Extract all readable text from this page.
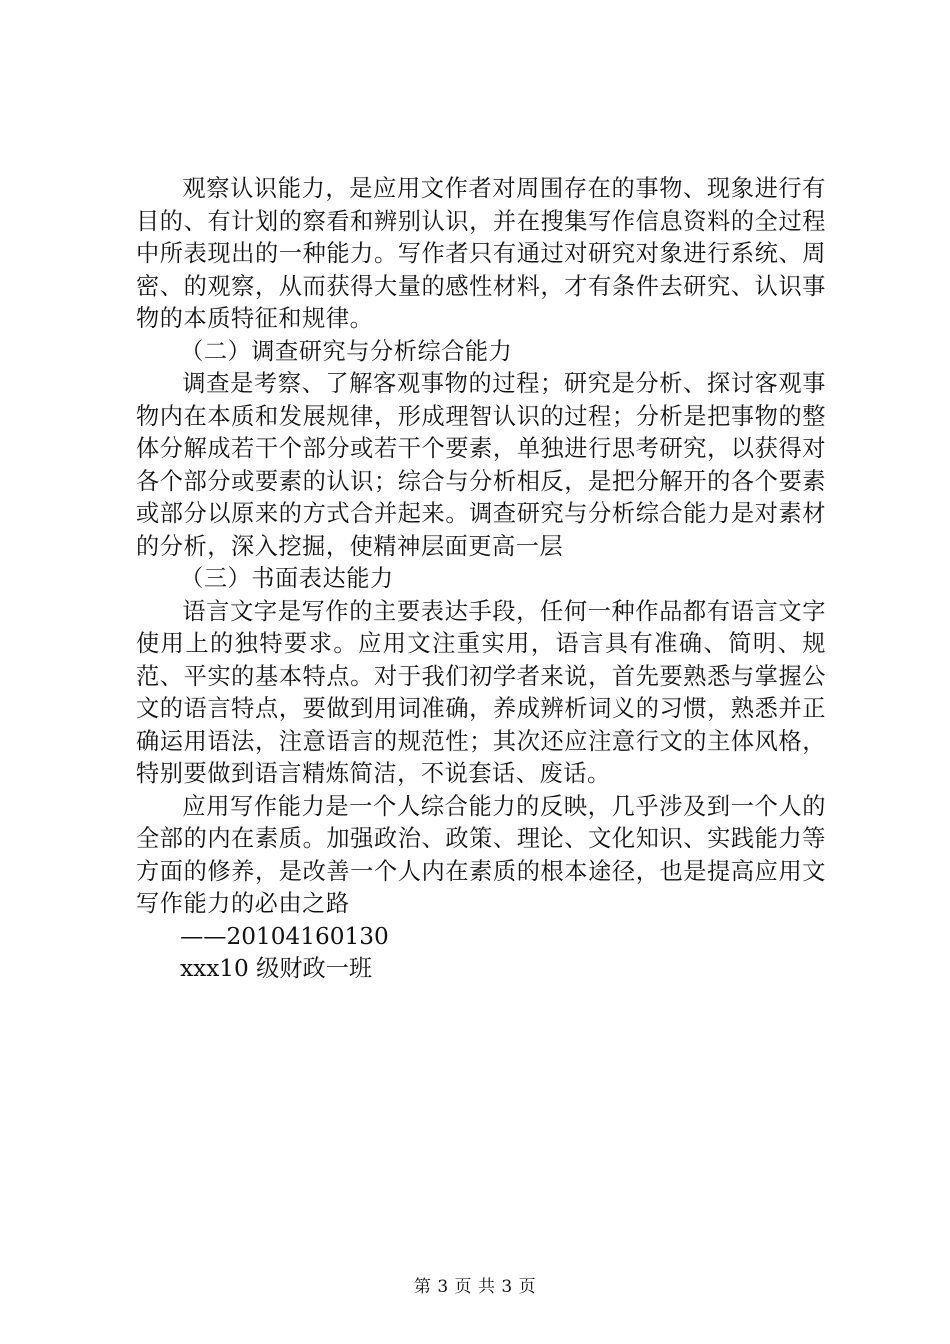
观察认识能力，是应用文作者对周围存在的事物、现象进行有目的、有计划的察看和辨别认识，并在搜集写作信息资料的全过程中所表现出的一种能力。写作者只有通过对研究对象进行系统、周密、的观察，从而获得大量的感性材料，才有条件去研究、认识事物的本质特征和规律。

（二）调查研究与分析综合能力

调查是考察、了解客观事物的过程；研究是分析、探讨客观事物内在本质和发展规律，形成理智认识的过程；分析是把事物的整体分解成若干个部分或若干个要素，单独进行思考研究，以获得对各个部分或要素的认识；综合与分析相反，是把分解开的各个要素或部分以原来的方式合并起来。调查研究与分析综合能力是对素材的分析，深入挖掘，使精神层面更高一层

（三）书面表达能力

语言文字是写作的主要表达手段，任何一种作品都有语言文字使用上的独特要求。应用文注重实用，语言具有准确、简明、规范、平实的基本特点。对于我们初学者来说，首先要熟悉与掌握公文的语言特点，要做到用词准确，养成辨析词义的习惯，熟悉并正确运用语法，注意语言的规范性；其次还应注意行文的主体风格，特别要做到语言精炼简洁，不说套话、废话。

应用写作能力是一个人综合能力的反映，几乎涉及到一个人的全部的内在素质。加强政治、政策、理论、文化知识、实践能力等方面的修养，是改善一个人内在素质的根本途径，也是提高应用文写作能力的必由之路

——20104160130

xxx10 级财政一班

第 3 页 共 3 页
